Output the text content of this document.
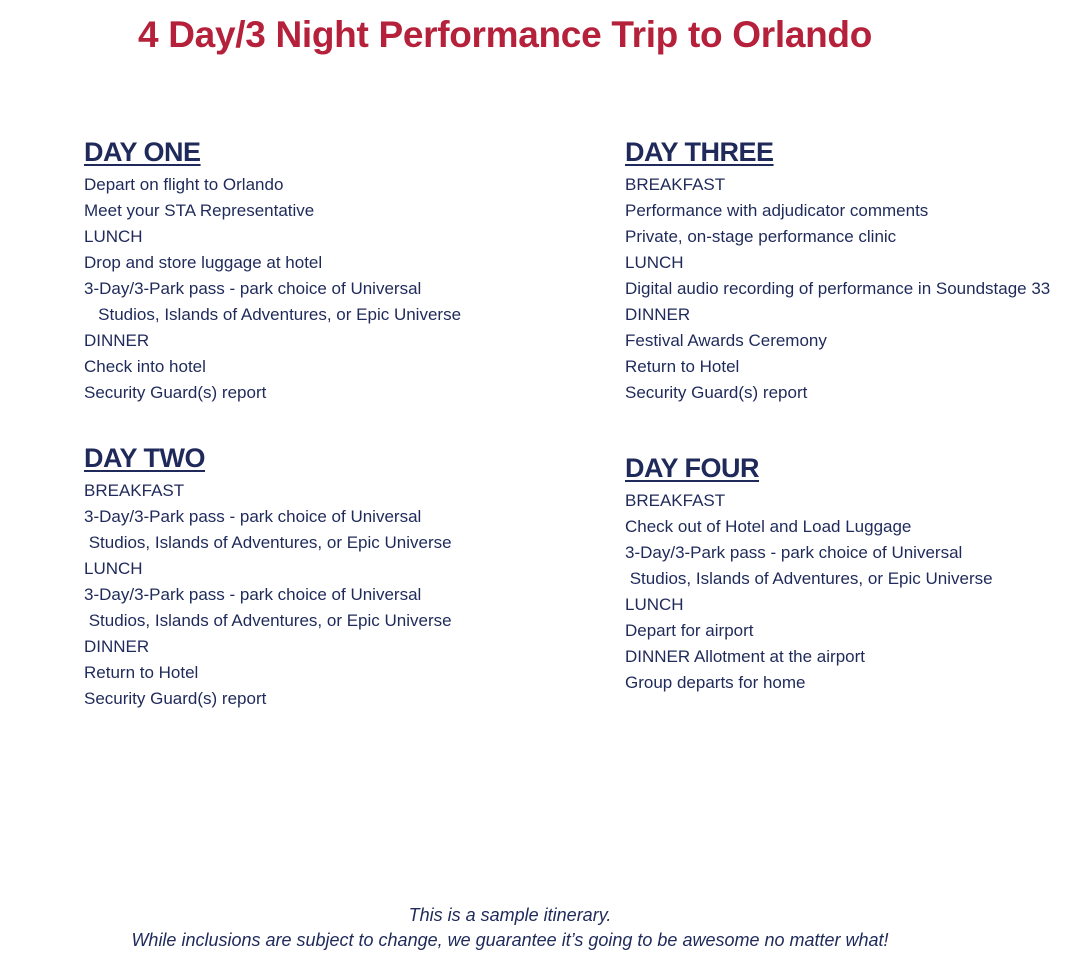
4 Day/3 Night Performance Trip to Orlando
DAY ONE
Depart on flight to Orlando
Meet your STA Representative
LUNCH
Drop and store luggage at hotel
3-Day/3-Park pass - park choice of Universal
Studios, Islands of Adventures, or Epic Universe
DINNER
Check into hotel
Security Guard(s) report
DAY TWO
BREAKFAST
3-Day/3-Park pass - park choice of Universal
Studios, Islands of Adventures, or Epic Universe
LUNCH
3-Day/3-Park pass - park choice of Universal
Studios, Islands of Adventures, or Epic Universe
DINNER
Return to Hotel
Security Guard(s) report
DAY THREE
BREAKFAST
Performance with adjudicator comments
Private, on-stage performance clinic
LUNCH
Digital audio recording of performance in Soundstage 33
DINNER
Festival Awards Ceremony
Return to Hotel
Security Guard(s) report
DAY FOUR
BREAKFAST
Check out of Hotel and Load Luggage
3-Day/3-Park pass - park choice of Universal
Studios, Islands of Adventures, or Epic Universe
LUNCH
Depart for airport
DINNER Allotment at the airport
Group departs for home
This is a sample itinerary.
While inclusions are subject to change, we guarantee it’s going to be awesome no matter what!
